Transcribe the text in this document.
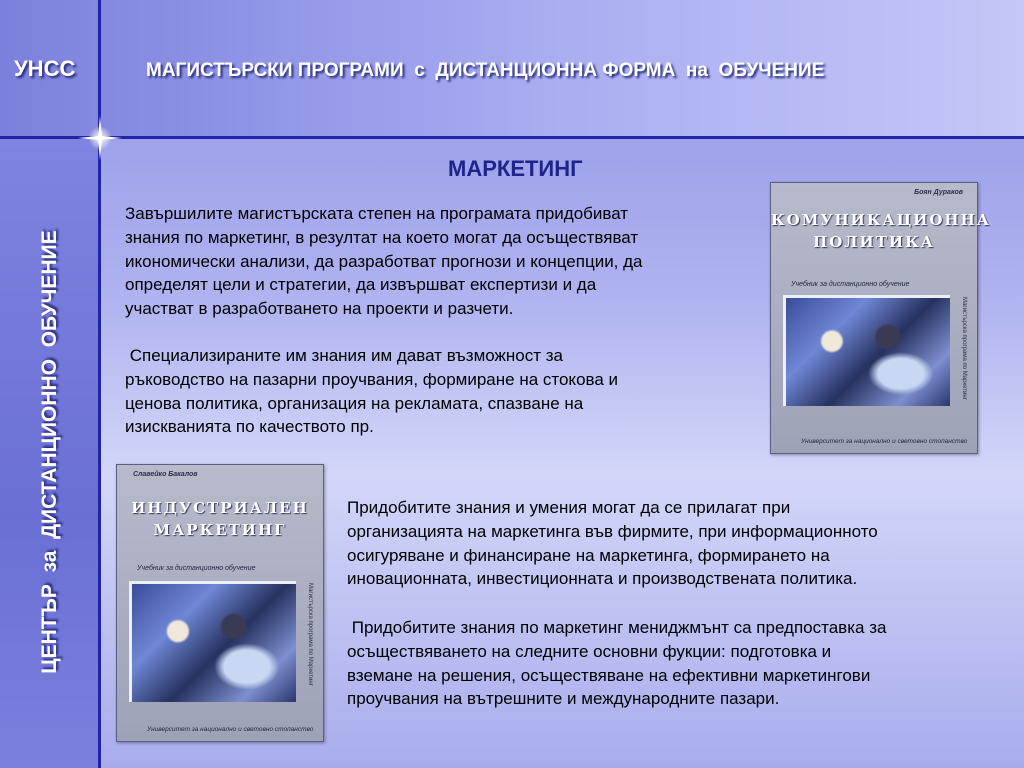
УНСС	МАГИСТЪРСКИ ПРОГРАМИ  с  ДИСТАНЦИОННА ФОРМА  на  ОБУЧЕНИЕ
ЦЕНТЪР  за  ДИСТАНЦИОННО  ОБУЧЕНИЕ
МАРКЕТИНГ

Завършилите магистърската степен на програмата придобиват
знания по маркетинг, в резултат на което могат да осъществяват
икономически анализи, да разработват прогнози и концепции, да
определят цели и стратегии, да извършват експертизи и да
участват в разработването на проекти и разчети.

Специализираните им знания им дават възможност за
ръководство на пазарни проучвания, формиране на стокова и
ценова политика, организация на рекламата, спазване на
изискванията по качеството пр.

Придобитите знания и умения могат да се прилагат при
организацията на маркетинга във фирмите, при информационното
осигуряване и финансиране на маркетинга, формирането на
иновационната, инвестиционната и производствената политика.

Придобитите знания по маркетинг мениджмънт са предпоставка за
осъществяването на следните основни фукции: подготовка и
вземане на решения, осъществяване на ефективни маркетингови
проучвания на вътрешните и международните пазари.

Боян Дураков
КОМУНИКАЦИОННА
ПОЛИТИКА
Учебник за дистанционно обучение
Магистърска програма по Маркетинг
Университет за национално и световно стопанство
Славейко Бакалов
ИНДУСТРИАЛЕН
МАРКЕТИНГ
Учебник за дистанционно обучение
Магистърска програма по Маркетинг
Университет за национално и световно стопанство
